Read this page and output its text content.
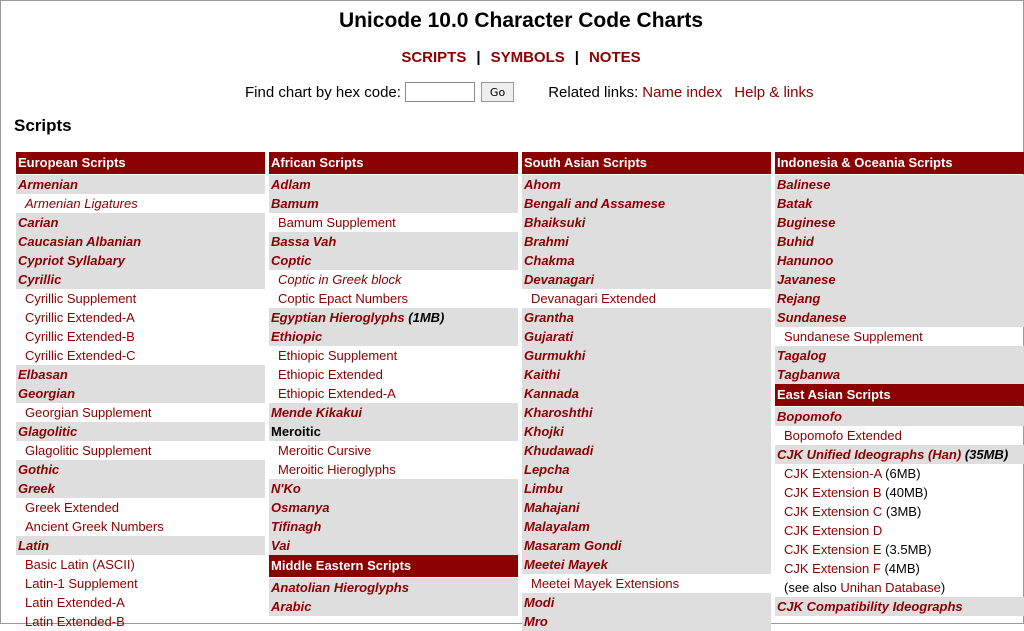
Unicode 10.0 Character Code Charts
SCRIPTS | SYMBOLS | NOTES
Find chart by hex code:	Go	Related links: Name index Help & links
Scripts
European Scripts
Armenian
Armenian Ligatures
Carian
Caucasian Albanian
Cypriot Syllabary
Cyrillic
Cyrillic Supplement
Cyrillic Extended-A
Cyrillic Extended-B
Cyrillic Extended-C
Elbasan
Georgian
Georgian Supplement
Glagolitic
Glagolitic Supplement
Gothic
Greek
Greek Extended
Ancient Greek Numbers
Latin
Basic Latin (ASCII)
Latin-1 Supplement
Latin Extended-A
Latin Extended-B
African Scripts
Adlam
Bamum
Bamum Supplement
Bassa Vah
Coptic
Coptic in Greek block
Coptic Epact Numbers
Egyptian Hieroglyphs (1MB)
Ethiopic
Ethiopic Supplement
Ethiopic Extended
Ethiopic Extended-A
Mende Kikakui
Meroitic
Meroitic Cursive
Meroitic Hieroglyphs
N'Ko
Osmanya
Tifinagh
Vai
Middle Eastern Scripts
Anatolian Hieroglyphs
Arabic
South Asian Scripts
Ahom
Bengali and Assamese
Bhaiksuki
Brahmi
Chakma
Devanagari
Devanagari Extended
Grantha
Gujarati
Gurmukhi
Kaithi
Kannada
Kharoshthi
Khojki
Khudawadi
Lepcha
Limbu
Mahajani
Malayalam
Masaram Gondi
Meetei Mayek
Meetei Mayek Extensions
Modi
Mro
Indonesia & Oceania Scripts
Balinese
Batak
Buginese
Buhid
Hanunoo
Javanese
Rejang
Sundanese
Sundanese Supplement
Tagalog
Tagbanwa
East Asian Scripts
Bopomofo
Bopomofo Extended
CJK Unified Ideographs (Han) (35MB)
CJK Extension-A (6MB)
CJK Extension B (40MB)
CJK Extension C (3MB)
CJK Extension D
CJK Extension E (3.5MB)
CJK Extension F (4MB)
(see also Unihan Database)
CJK Compatibility Ideographs
